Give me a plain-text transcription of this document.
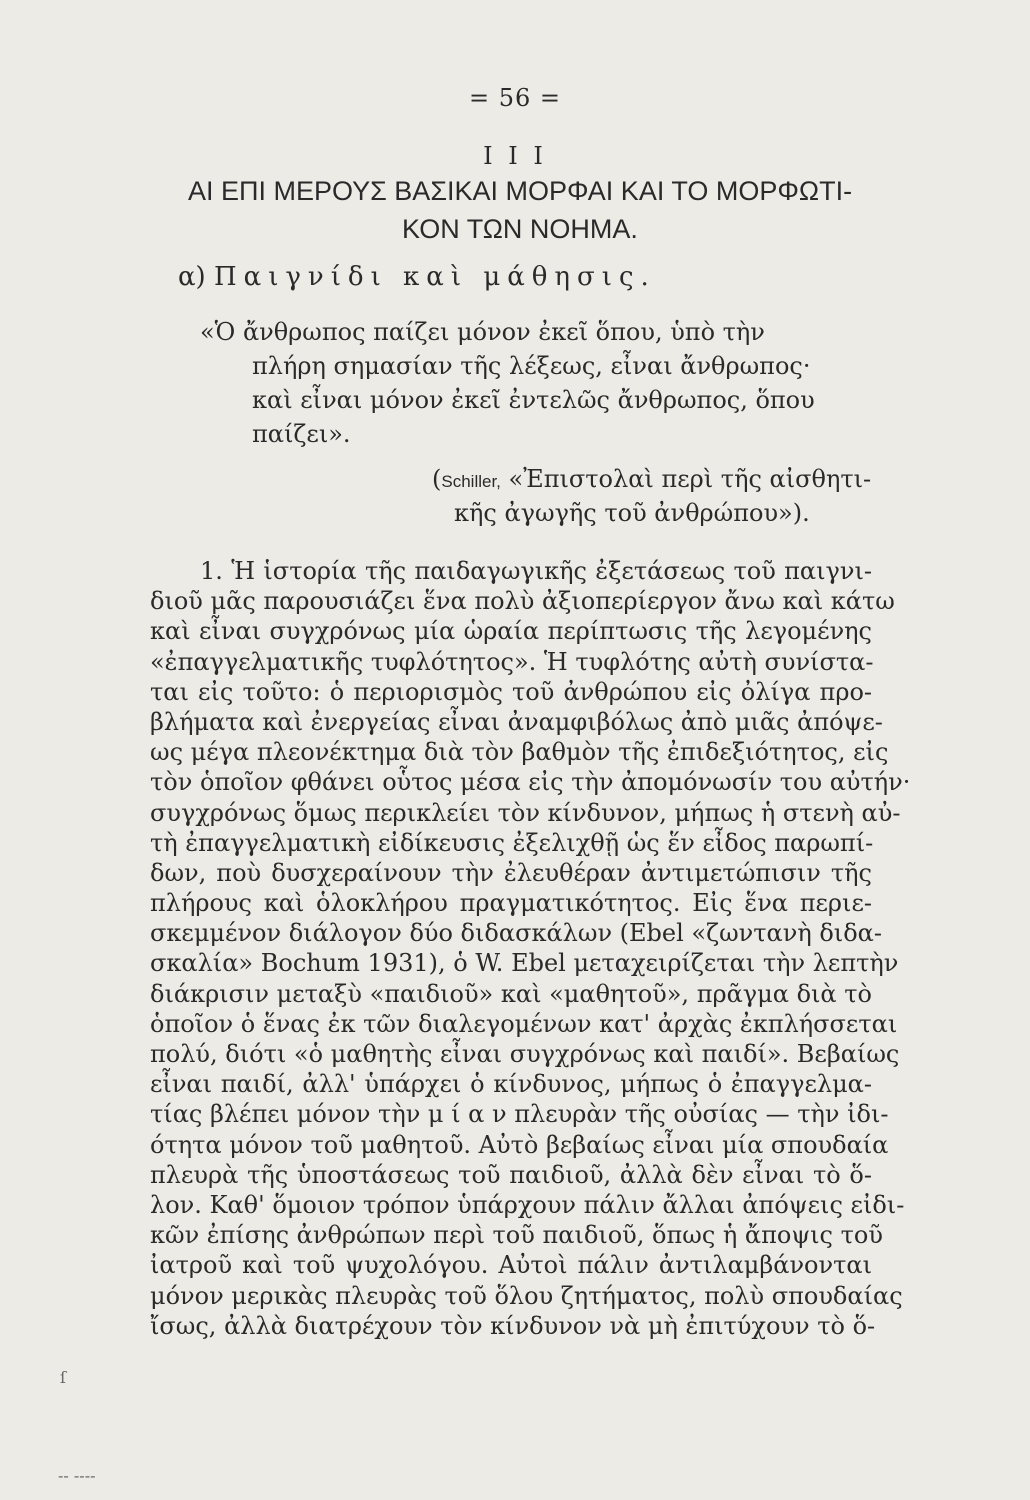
= 56 =
I I I
ΑΙ ΕΠΙ ΜΕΡΟΥΣ ΒΑΣΙΚΑΙ ΜΟΡΦΑΙ ΚΑΙ ΤΟ ΜΟΡΦΩΤΙ-
ΚΟΝ ΤΩΝ ΝΟΗΜΑ.
α) Παιγνίδι καὶ μάθησις.
«Ὁ ἄνθρωπος παίζει μόνον ἐκεῖ ὅπου, ὑπὸ τὴν
πλήρη σημασίαν τῆς λέξεως, εἶναι ἄνθρωπος·
καὶ εἶναι μόνον ἐκεῖ ἐντελῶς ἄνθρωπος, ὅπου
παίζει».
(Schiller, «Ἐπιστολαὶ περὶ τῆς αἰσθητι-
κῆς ἀγωγῆς τοῦ ἀνθρώπου»).
1. Ἡ ἱστορία τῆς παιδαγωγικῆς ἐξετάσεως τοῦ παιγνι-
διοῦ μᾶς παρουσιάζει ἕνα πολὺ ἀξιοπερίεργον ἄνω καὶ κάτω
καὶ εἶναι συγχρόνως μία ὡραία περίπτωσις τῆς λεγομένης
«ἐπαγγελματικῆς τυφλότητος». Ἡ τυφλότης αὐτὴ συνίστα-
ται εἰς τοῦτο: ὁ περιορισμὸς τοῦ ἀνθρώπου εἰς ὀλίγα προ-
βλήματα καὶ ἐνεργείας εἶναι ἀναμφιβόλως ἀπὸ μιᾶς ἀπόψε-
ως μέγα πλεονέκτημα διὰ τὸν βαθμὸν τῆς ἐπιδεξιότητος, εἰς
τὸν ὁποῖον φθάνει οὗτος μέσα εἰς τὴν ἀπομόνωσίν του αὐτήν·
συγχρόνως ὅμως περικλείει τὸν κίνδυνον, μήπως ἡ στενὴ αὐ-
τὴ ἐπαγγελματικὴ εἰδίκευσις ἐξελιχθῇ ὡς ἕν εἶδος παρωπί-
δων, ποὺ δυσχεραίνουν τὴν ἐλευθέραν ἀντιμετώπισιν τῆς
πλήρους καὶ ὁλοκλήρου πραγματικότητος. Εἰς ἕνα περιε-
σκεμμένον διάλογον δύο διδασκάλων (Ebel «ζωντανὴ διδα-
σκαλία» Bochum 1931), ὁ W. Ebel μεταχειρίζεται τὴν λεπτὴν
διάκρισιν μεταξὺ «παιδιοῦ» καὶ «μαθητοῦ», πρᾶγμα διὰ τὸ
ὁποῖον ὁ ἕνας ἐκ τῶν διαλεγομένων κατ' ἀρχὰς ἐκπλήσσεται
πολύ, διότι «ὁ μαθητὴς εἶναι συγχρόνως καὶ παιδί». Βεβαίως
εἶναι παιδί, ἀλλ' ὑπάρχει ὁ κίνδυνος, μήπως ὁ ἐπαγγελμα-
τίας βλέπει μόνον τὴν μ ί α ν πλευρὰν τῆς οὐσίας — τὴν ἰδι-
ότητα μόνον τοῦ μαθητοῦ. Αὐτὸ βεβαίως εἶναι μία σπουδαία
πλευρὰ τῆς ὑποστάσεως τοῦ παιδιοῦ, ἀλλὰ δὲν εἶναι τὸ ὅ-
λον. Καθ' ὅμοιον τρόπον ὑπάρχουν πάλιν ἄλλαι ἀπόψεις εἰδι-
κῶν ἐπίσης ἀνθρώπων περὶ τοῦ παιδιοῦ, ὅπως ἡ ἄποψις τοῦ
ἰατροῦ καὶ τοῦ ψυχολόγου. Αὐτοὶ πάλιν ἀντιλαμβάνονται
μόνον μερικὰς πλευρὰς τοῦ ὅλου ζητήματος, πολὺ σπουδαίας
ἴσως, ἀλλὰ διατρέχουν τὸν κίνδυνον νὰ μὴ ἐπιτύχουν τὸ ὅ-
ſ
‑‑ ‑‑‑‑
